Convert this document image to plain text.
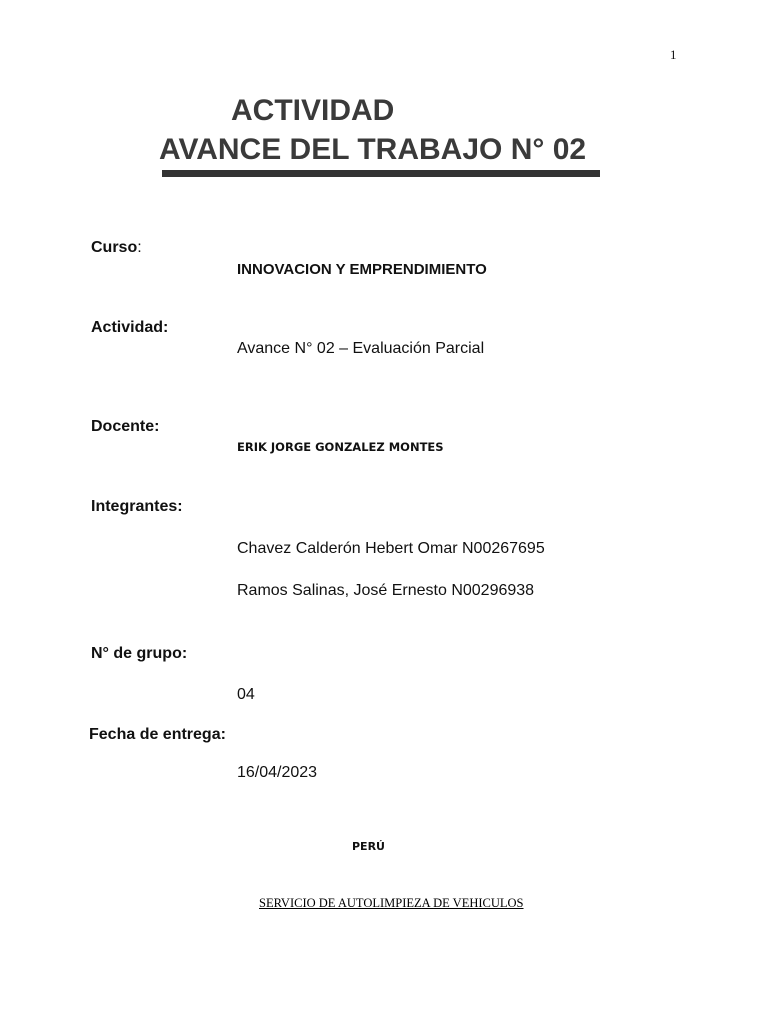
1
ACTIVIDAD
AVANCE DEL TRABAJO N° 02
Curso:
INNOVACION Y EMPRENDIMIENTO
Actividad:
Avance N° 02 – Evaluación Parcial
Docente:
ERIK JORGE GONZALEZ MONTES
Integrantes:
Chavez Calderón Hebert Omar N00267695
Ramos Salinas, José Ernesto N00296938
N° de grupo:
04
Fecha de entrega:
16/04/2023
PERÚ
SERVICIO DE AUTOLIMPIEZA DE VEHICULOS
